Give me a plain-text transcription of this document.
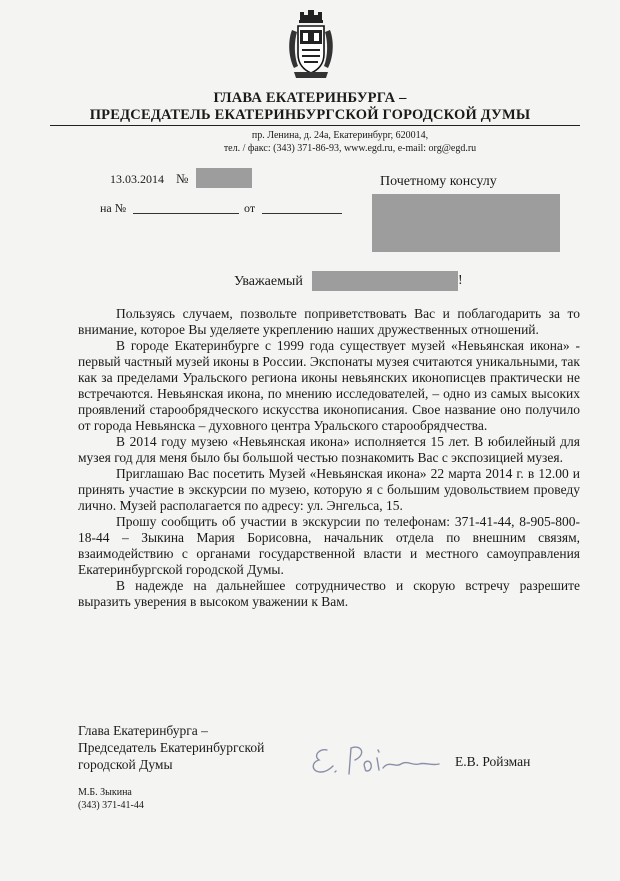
ГЛАВА ЕКАТЕРИНБУРГА –
ПРЕДСЕДАТЕЛЬ ЕКАТЕРИНБУРГСКОЙ ГОРОДСКОЙ ДУМЫ
пр. Ленина, д. 24а, Екатеринбург, 620014,
тел. / факс: (343) 371-86-93, www.egd.ru, e-mail: org@egd.ru
13.03.2014 №
на №	от
Почетному консулу
Уважаемый	!

Пользуясь случаем, позвольте поприветствовать Вас и поблагодарить за то внимание, которое Вы уделяете укреплению наших дружественных отношений.

В городе Екатеринбурге с 1999 года существует музей «Невьянская икона» - первый частный музей иконы в России. Экспонаты музея считаются уникальными, так как за пределами Уральского региона иконы невьянских иконописцев практически не встречаются. Невьянская икона, по мнению исследователей, – одно из самых высоких проявлений старообрядческого искусства иконописания. Свое название оно получило от города Невьянска – духовного центра Уральского старообрядчества.

В 2014 году музею «Невьянская икона» исполняется 15 лет. В юбилейный для музея год для меня было бы большой честью познакомить Вас с экспозицией музея.

Приглашаю Вас посетить Музей «Невьянская икона» 22 марта 2014 г. в 12.00 и принять участие в экскурсии по музею, которую я с большим удовольствием проведу лично. Музей располагается по адресу: ул. Энгельса, 15.

Прошу сообщить об участии в экскурсии по телефонам: 371-41-44, 8-905-800-18-44 – Зыкина Мария Борисовна, начальник отдела по внешним связям, взаимодействию с органами государственной власти и местного самоуправления Екатеринбургской городской Думы.

В надежде на дальнейшее сотрудничество и скорую встречу разрешите выразить уверения в высоком уважении к Вам.

Глава Екатеринбурга –
Председатель Екатеринбургской
городской Думы	Е.В. Ройзман
М.Б. Зыкина
(343) 371-41-44
